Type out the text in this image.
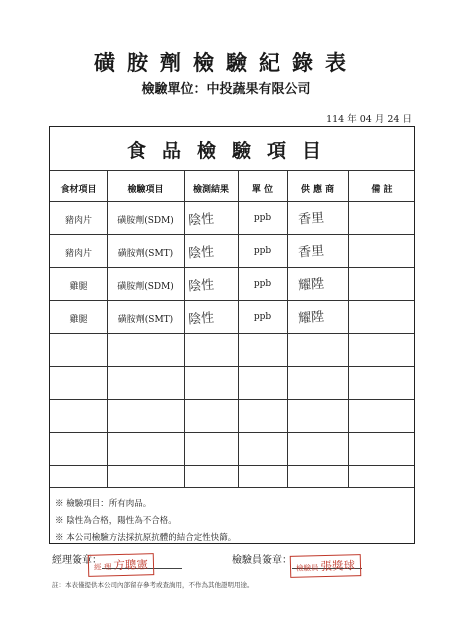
磺胺劑檢驗紀錄表
檢驗單位：中投蔬果有限公司
114 年 04 月 24 日
食品檢驗項目
食材項目	檢驗項目	檢測結果	單 位	供 應 商	備 註
豬肉片	磺胺劑(SDM)	陰性	ppb	香里
豬肉片	磺胺劑(SMT)	陰性	ppb	香里
雞腿	磺胺劑(SDM)	陰性	ppb	耀陞
雞腿	磺胺劑(SMT)	陰性	ppb	耀陞
※ 檢驗項目：所有肉品。
※ 陰性為合格，陽性為不合格。
※ 本公司檢驗方法採抗原抗體的結合定性快篩。
經理簽章：
經 理 方聰憲	檢驗員簽章：
檢驗員 張獎球
註：本表僅提供本公司內部留存參考或查詢用，不作為其他證明用途。
